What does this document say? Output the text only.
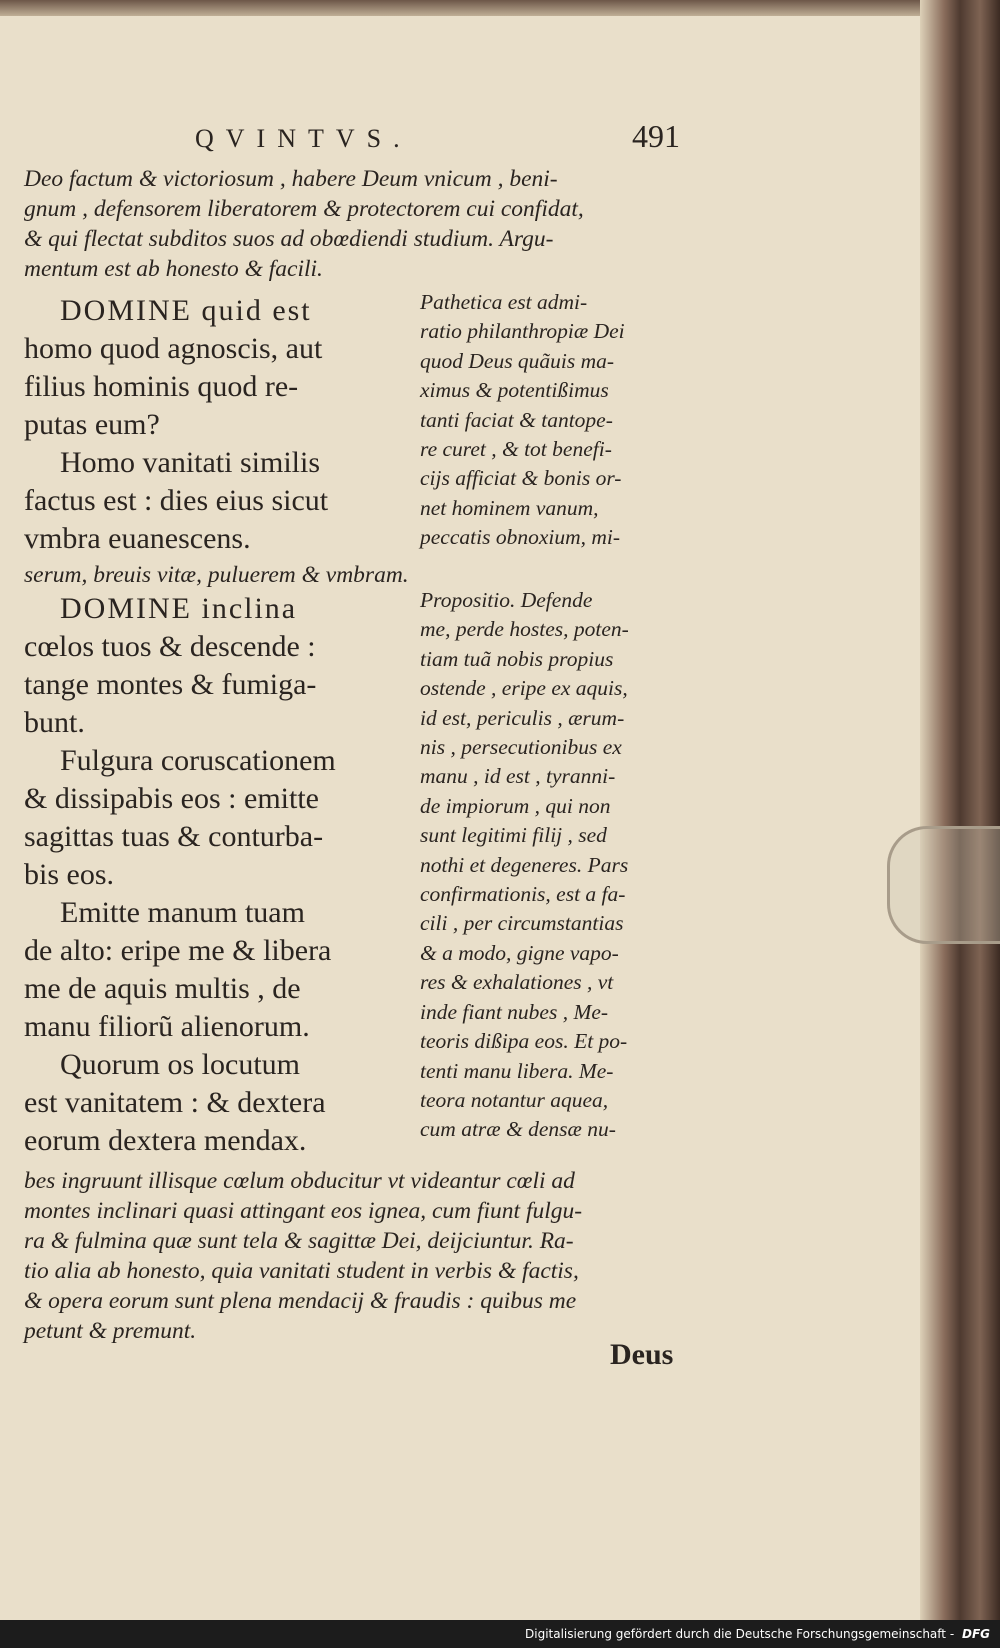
QVINTVS.	491
Deo factum & victoriosum , habere Deum vnicum , beni-
gnum , defensorem liberatorem & protectorem cui confidat,
& qui flectat subditos suos ad obœdiendi studium. Argu-
mentum est ab honesto & facili.
DOMINE quid est
homo quod agnoscis, aut
filius hominis quod re-
putas eum?
Homo vanitati similis
factus est : dies eius sicut
vmbra euanescens.
Pathetica est admi-
ratio philanthropiæ Dei
quod Deus quãuis ma-
ximus & potentißimus
tanti faciat & tantope-
re curet , & tot benefi-
cijs afficiat & bonis or-
net hominem vanum,
peccatis obnoxium, mi-
serum, breuis vitæ, puluerem & vmbram.
DOMINE inclina
cœlos tuos & descende :
tange montes & fumiga-
bunt.
Fulgura coruscationem
& dissipabis eos : emitte
sagittas tuas & conturba-
bis eos.
Emitte manum tuam
de alto: eripe me & libera
me de aquis multis , de
manu filiorũ alienorum.
Quorum os locutum
est vanitatem : & dextera
eorum dextera mendax.
Propositio. Defende
me, perde hostes, poten-
tiam tuã nobis propius
ostende , eripe ex aquis,
id est, periculis , ærum-
nis , persecutionibus ex
manu , id est , tyranni-
de impiorum , qui non
sunt legitimi filij , sed
nothi et degeneres. Pars
confirmationis, est a fa-
cili , per circumstantias
& a modo, gigne vapo-
res & exhalationes , vt
inde fiant nubes , Me-
teoris dißipa eos. Et po-
tenti manu libera. Me-
teora notantur aquea,
cum atræ & densæ nu-
bes ingruunt illisque cœlum obducitur vt videantur cœli ad
montes inclinari quasi attingant eos ignea, cum fiunt fulgu-
ra & fulmina quæ sunt tela & sagittæ Dei, deijciuntur. Ra-
tio alia ab honesto, quia vanitati student in verbis & factis,
& opera eorum sunt plena mendacij & fraudis : quibus me
petunt & premunt.
Deus
Digitalisierung gefördert durch die Deutsche Forschungsgemeinschaft - DFG
